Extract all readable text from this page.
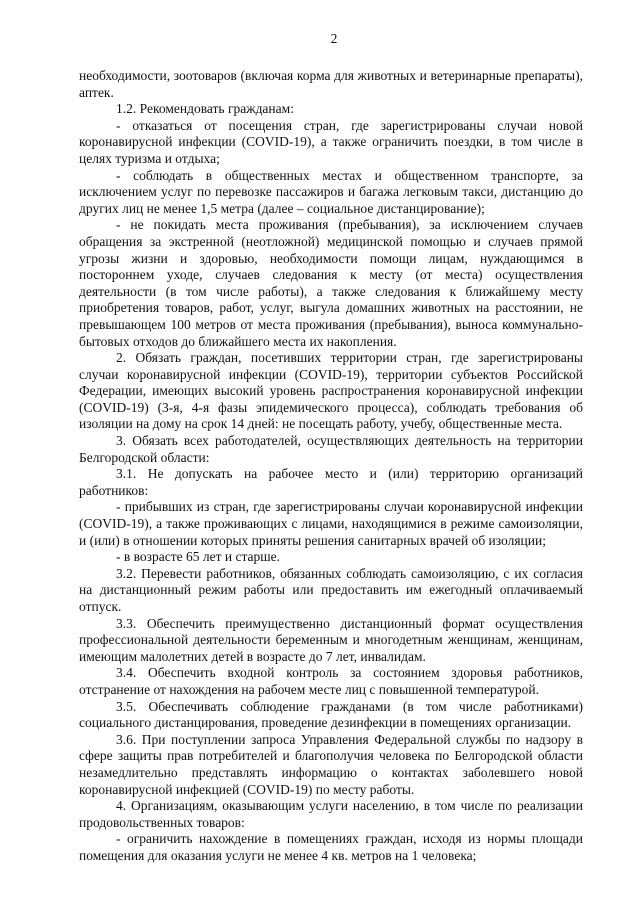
2

необходимости, зоотоваров (включая корма для животных и ветеринарные препараты), аптек.

1.2. Рекомендовать гражданам:

- отказаться от посещения стран, где зарегистрированы случаи новой коронавирусной инфекции (COVID-19), а также ограничить поездки, в том числе в целях туризма и отдыха;

- соблюдать в общественных местах и общественном транспорте, за исключением услуг по перевозке пассажиров и багажа легковым такси, дистанцию до других лиц не менее 1,5 метра (далее – социальное дистанцирование);

- не покидать места проживания (пребывания), за исключением случаев обращения за экстренной (неотложной) медицинской помощью и случаев прямой угрозы жизни и здоровью, необходимости помощи лицам, нуждающимся в постороннем уходе, случаев следования к месту (от места) осуществления деятельности (в том числе работы), а также следования к ближайшему месту приобретения товаров, работ, услуг, выгула домашних животных на расстоянии, не превышающем 100 метров от места проживания (пребывания), выноса коммунально-бытовых отходов до ближайшего места их накопления.

2. Обязать граждан, посетивших территории стран, где зарегистрированы случаи коронавирусной инфекции (COVID-19), территории субъектов Российской Федерации, имеющих высокий уровень распространения коронавирусной инфекции (COVID-19) (3-я, 4-я фазы эпидемического процесса), соблюдать требования об изоляции на дому на срок 14 дней: не посещать работу, учебу, общественные места.

3. Обязать всех работодателей, осуществляющих деятельность на территории Белгородской области:

3.1. Не допускать на рабочее место и (или) территорию организаций работников:

- прибывших из стран, где зарегистрированы случаи коронавирусной инфекции (COVID-19), а также проживающих с лицами, находящимися в режиме самоизоляции, и (или) в отношении которых приняты решения санитарных врачей об изоляции;

- в возрасте 65 лет и старше.

3.2. Перевести работников, обязанных соблюдать самоизоляцию, с их согласия на дистанционный режим работы или предоставить им ежегодный оплачиваемый отпуск.

3.3. Обеспечить преимущественно дистанционный формат осуществления профессиональной деятельности беременным и многодетным женщинам, женщинам, имеющим малолетних детей в возрасте до 7 лет, инвалидам.

3.4. Обеспечить входной контроль за состоянием здоровья работников, отстранение от нахождения на рабочем месте лиц с повышенной температурой.

3.5. Обеспечивать соблюдение гражданами (в том числе работниками) социального дистанцирования, проведение дезинфекции в помещениях организации.

3.6. При поступлении запроса Управления Федеральной службы по надзору в сфере защиты прав потребителей и благополучия человека по Белгородской области незамедлительно представлять информацию о контактах заболевшего новой коронавирусной инфекцией (COVID-19) по месту работы.

4. Организациям, оказывающим услуги населению, в том числе по реализации продовольственных товаров:

- ограничить нахождение в помещениях граждан, исходя из нормы площади помещения для оказания услуги не менее 4 кв. метров на 1 человека;
